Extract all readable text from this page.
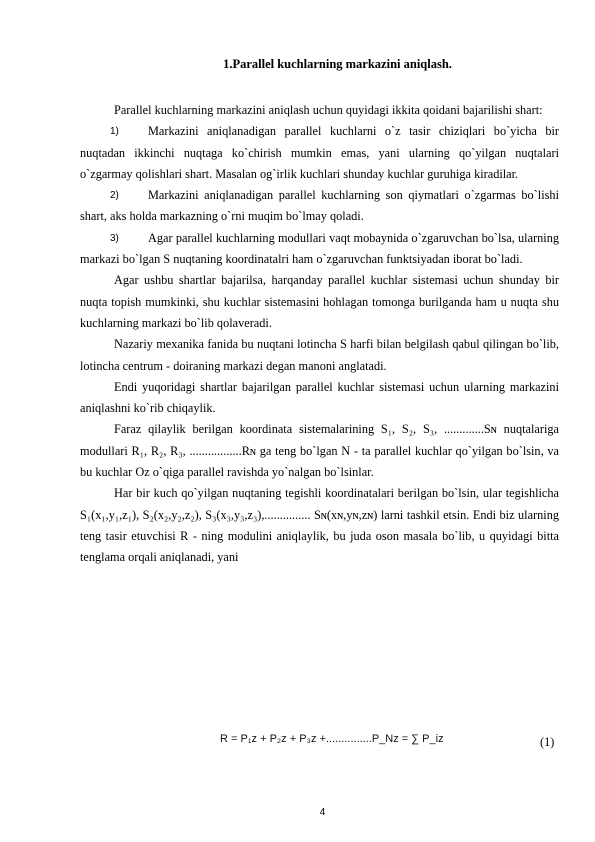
1.Parallel kuchlarning markazini aniqlash.

Parallel kuchlarning markazini aniqlash uchun quyidagi ikkita qoidani bajarilishi shart:

1) Markazini aniqlanadigan parallel kuchlarni o`z tasir chiziqlari bo`yicha bir nuqtadan ikkinchi nuqtaga ko`chirish mumkin emas, yani ularning qo`yilgan nuqtalari o`zgarmay qolishlari shart. Masalan og`irlik kuchlari shunday kuchlar guruhiga kiradilar.

2) Markazini aniqlanadigan parallel kuchlarning son qiymatlari o`zgarmas bo`lishi shart, aks holda markazning o`rni muqim bo`lmay qoladi.

3) Agar parallel kuchlarning modullari vaqt mobaynida o`zgaruvchan bo`lsa, ularning markazi bo`lgan S nuqtaning koordinatalri ham o`zgaruvchan funktsiyadan iborat bo`ladi.

Agar ushbu shartlar bajarilsa, harqanday parallel kuchlar sistemasi uchun shunday bir nuqta topish mumkinki, shu kuchlar sistemasini hohlagan tomonga burilganda ham u nuqta shu kuchlarning markazi bo`lib qolaveradi.

Nazariy mexanika fanida bu nuqtani lotincha S harfi bilan belgilash qabul qilingan bo`lib, lotincha centrum - doiraning markazi degan manoni anglatadi.

Endi yuqoridagi shartlar bajarilgan parallel kuchlar sistemasi uchun ularning markazini aniqlashni ko`rib chiqaylik.

Faraz qilaylik berilgan koordinata sistemalarining S₁, S₂, S₃, .............Sɴ nuqtalariga modullari R₁, R₂, R₃, .................Rɴ ga teng bo`lgan N - ta parallel kuchlar qo`yilgan bo`lsin, va bu kuchlar Oz o`qiga parallel ravishda yo`nalgan bo`lsinlar.

Har bir kuch qo`yilgan nuqtaning tegishli koordinatalari berilgan bo`lsin, ular tegishlicha S₁(x₁,y₁,z₁), S₂(x₂,y₂,z₂), S₃(x₃,y₃,z₃),............... Sɴ(xɴ,yɴ,zɴ) larni tashkil etsin. Endi biz ularning teng tasir etuvchisi R - ning modulini aniqlaylik, bu juda oson masala bo`lib, u quyidagi bitta tenglama orqali aniqlanadi, yani

R = P₁z + P₂z + P₃z +...............P_Nz = ∑ P_iz	(1)
4
